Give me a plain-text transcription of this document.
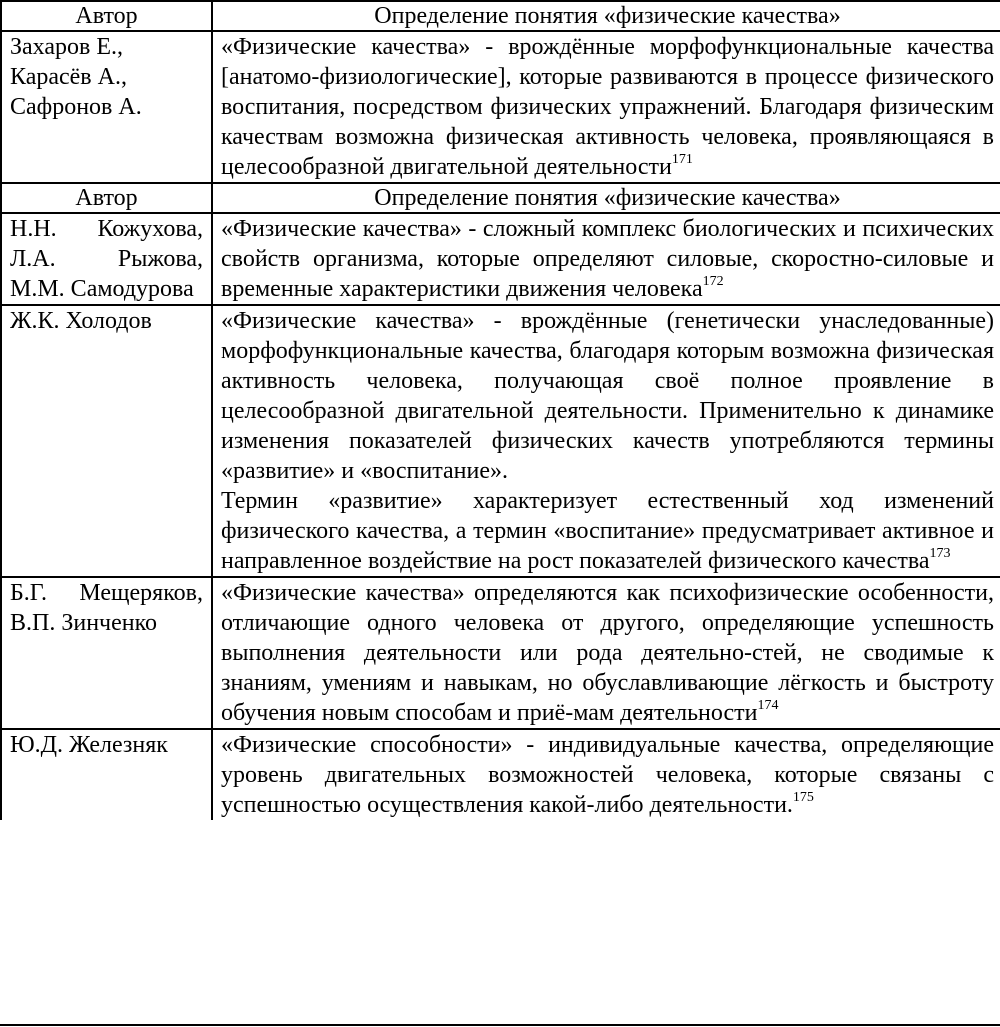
Автор	Определение понятия «физические качества»
Захаров Е., Карасёв А., Сафронов А.	«Физические качества» - врождённые морфофункциональные качества [анатомо-физиологические], которые развиваются в процессе физического воспитания, посредством физических упражнений. Благодаря физическим качествам возможна физическая активность человека, проявляющаяся в целесообразной двигательной деятельности$^{171}$
Автор	Определение понятия «физические качества»
Н.Н. Кожухова, Л.А. Рыжова, М.М. Самодурова	«Физические качества» - сложный комплекс биологических и психических свойств организма, которые определяют силовые, скоростно-силовые и временные характеристики движения человека$^{172}$
Ж.К. Холодов	«Физические качества» - врождённые (генетически унаследованные) морфофункциональные качества, благодаря которым возможна физическая активность человека, получающая своё полное проявление в целесообразной двигательной деятельности. Применительно к динамике изменения показателей физических качеств употребляются термины «развитие» и «воспитание».
Термин «развитие» характеризует естественный ход изменений физического качества, а термин «воспитание» предусматривает активное и направленное воздействие на рост показателей физического качества$^{173}$

Б.Г. Мещеряков, В.П. Зинченко	«Физические качества» определяются как психофизические особенности, отличающие одного человека от другого, определяющие успешность выполнения деятельности или рода деятельно-стей, не сводимые к знаниям, умениям и навыкам, но обуславливающие лёгкость и быстроту обучения новым способам и приё-мам деятельности$^{174}$
Ю.Д. Железняк	«Физические способности» - индивидуальные качества, определяющие уровень двигательных возможностей человека, которые связаны с успешностью осуществления какой-либо деятельности.$^{175}$
